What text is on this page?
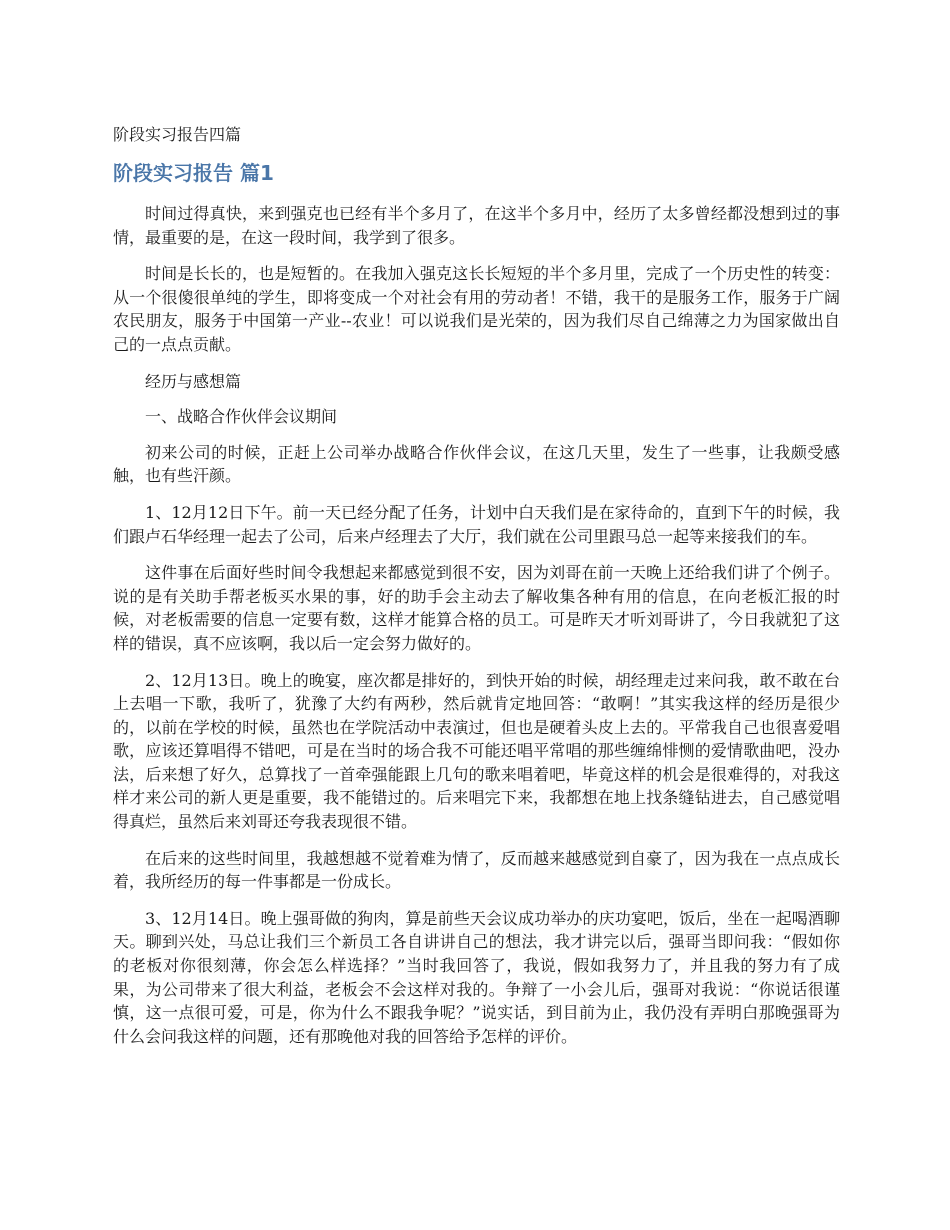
阶段实习报告四篇
阶段实习报告 篇1

时间过得真快，来到强克也已经有半个多月了，在这半个多月中，经历了太多曾经都没想到过的事情，最重要的是，在这一段时间，我学到了很多。

时间是长长的，也是短暂的。在我加入强克这长长短短的半个多月里，完成了一个历史性的转变：从一个很傻很单纯的学生，即将变成一个对社会有用的劳动者！不错，我干的是服务工作，服务于广阔农民朋友，服务于中国第一产业--农业！可以说我们是光荣的，因为我们尽自己绵薄之力为国家做出自己的一点点贡献。

经历与感想篇

一、战略合作伙伴会议期间

初来公司的时候，正赶上公司举办战略合作伙伴会议，在这几天里，发生了一些事，让我颇受感触，也有些汗颜。

1、12月12日下午。前一天已经分配了任务，计划中白天我们是在家待命的，直到下午的时候，我们跟卢石华经理一起去了公司，后来卢经理去了大厅，我们就在公司里跟马总一起等来接我们的车。

这件事在后面好些时间令我想起来都感觉到很不安，因为刘哥在前一天晚上还给我们讲了个例子。说的是有关助手帮老板买水果的事，好的助手会主动去了解收集各种有用的信息，在向老板汇报的时候，对老板需要的信息一定要有数，这样才能算合格的员工。可是昨天才听刘哥讲了，今日我就犯了这样的错误，真不应该啊，我以后一定会努力做好的。

2、12月13日。晚上的晚宴，座次都是排好的，到快开始的时候，胡经理走过来问我，敢不敢在台上去唱一下歌，我听了，犹豫了大约有两秒，然后就肯定地回答：“敢啊！”其实我这样的经历是很少的，以前在学校的时候，虽然也在学院活动中表演过，但也是硬着头皮上去的。平常我自己也很喜爱唱歌，应该还算唱得不错吧，可是在当时的场合我不可能还唱平常唱的那些缠绵悱恻的爱情歌曲吧，没办法，后来想了好久，总算找了一首牵强能跟上几句的歌来唱着吧，毕竟这样的机会是很难得的，对我这样才来公司的新人更是重要，我不能错过的。后来唱完下来，我都想在地上找条缝钻进去，自己感觉唱得真烂，虽然后来刘哥还夸我表现很不错。

在后来的这些时间里，我越想越不觉着难为情了，反而越来越感觉到自豪了，因为我在一点点成长着，我所经历的每一件事都是一份成长。

3、12月14日。晚上强哥做的狗肉，算是前些天会议成功举办的庆功宴吧，饭后，坐在一起喝酒聊天。聊到兴处，马总让我们三个新员工各自讲讲自己的想法，我才讲完以后，强哥当即问我：“假如你的老板对你很刻薄，你会怎么样选择？”当时我回答了，我说，假如我努力了，并且我的努力有了成果，为公司带来了很大利益，老板会不会这样对我的。争辩了一小会儿后，强哥对我说：“你说话很谨慎，这一点很可爱，可是，你为什么不跟我争呢？”说实话，到目前为止，我仍没有弄明白那晚强哥为什么会问我这样的问题，还有那晚他对我的回答给予怎样的评价。
